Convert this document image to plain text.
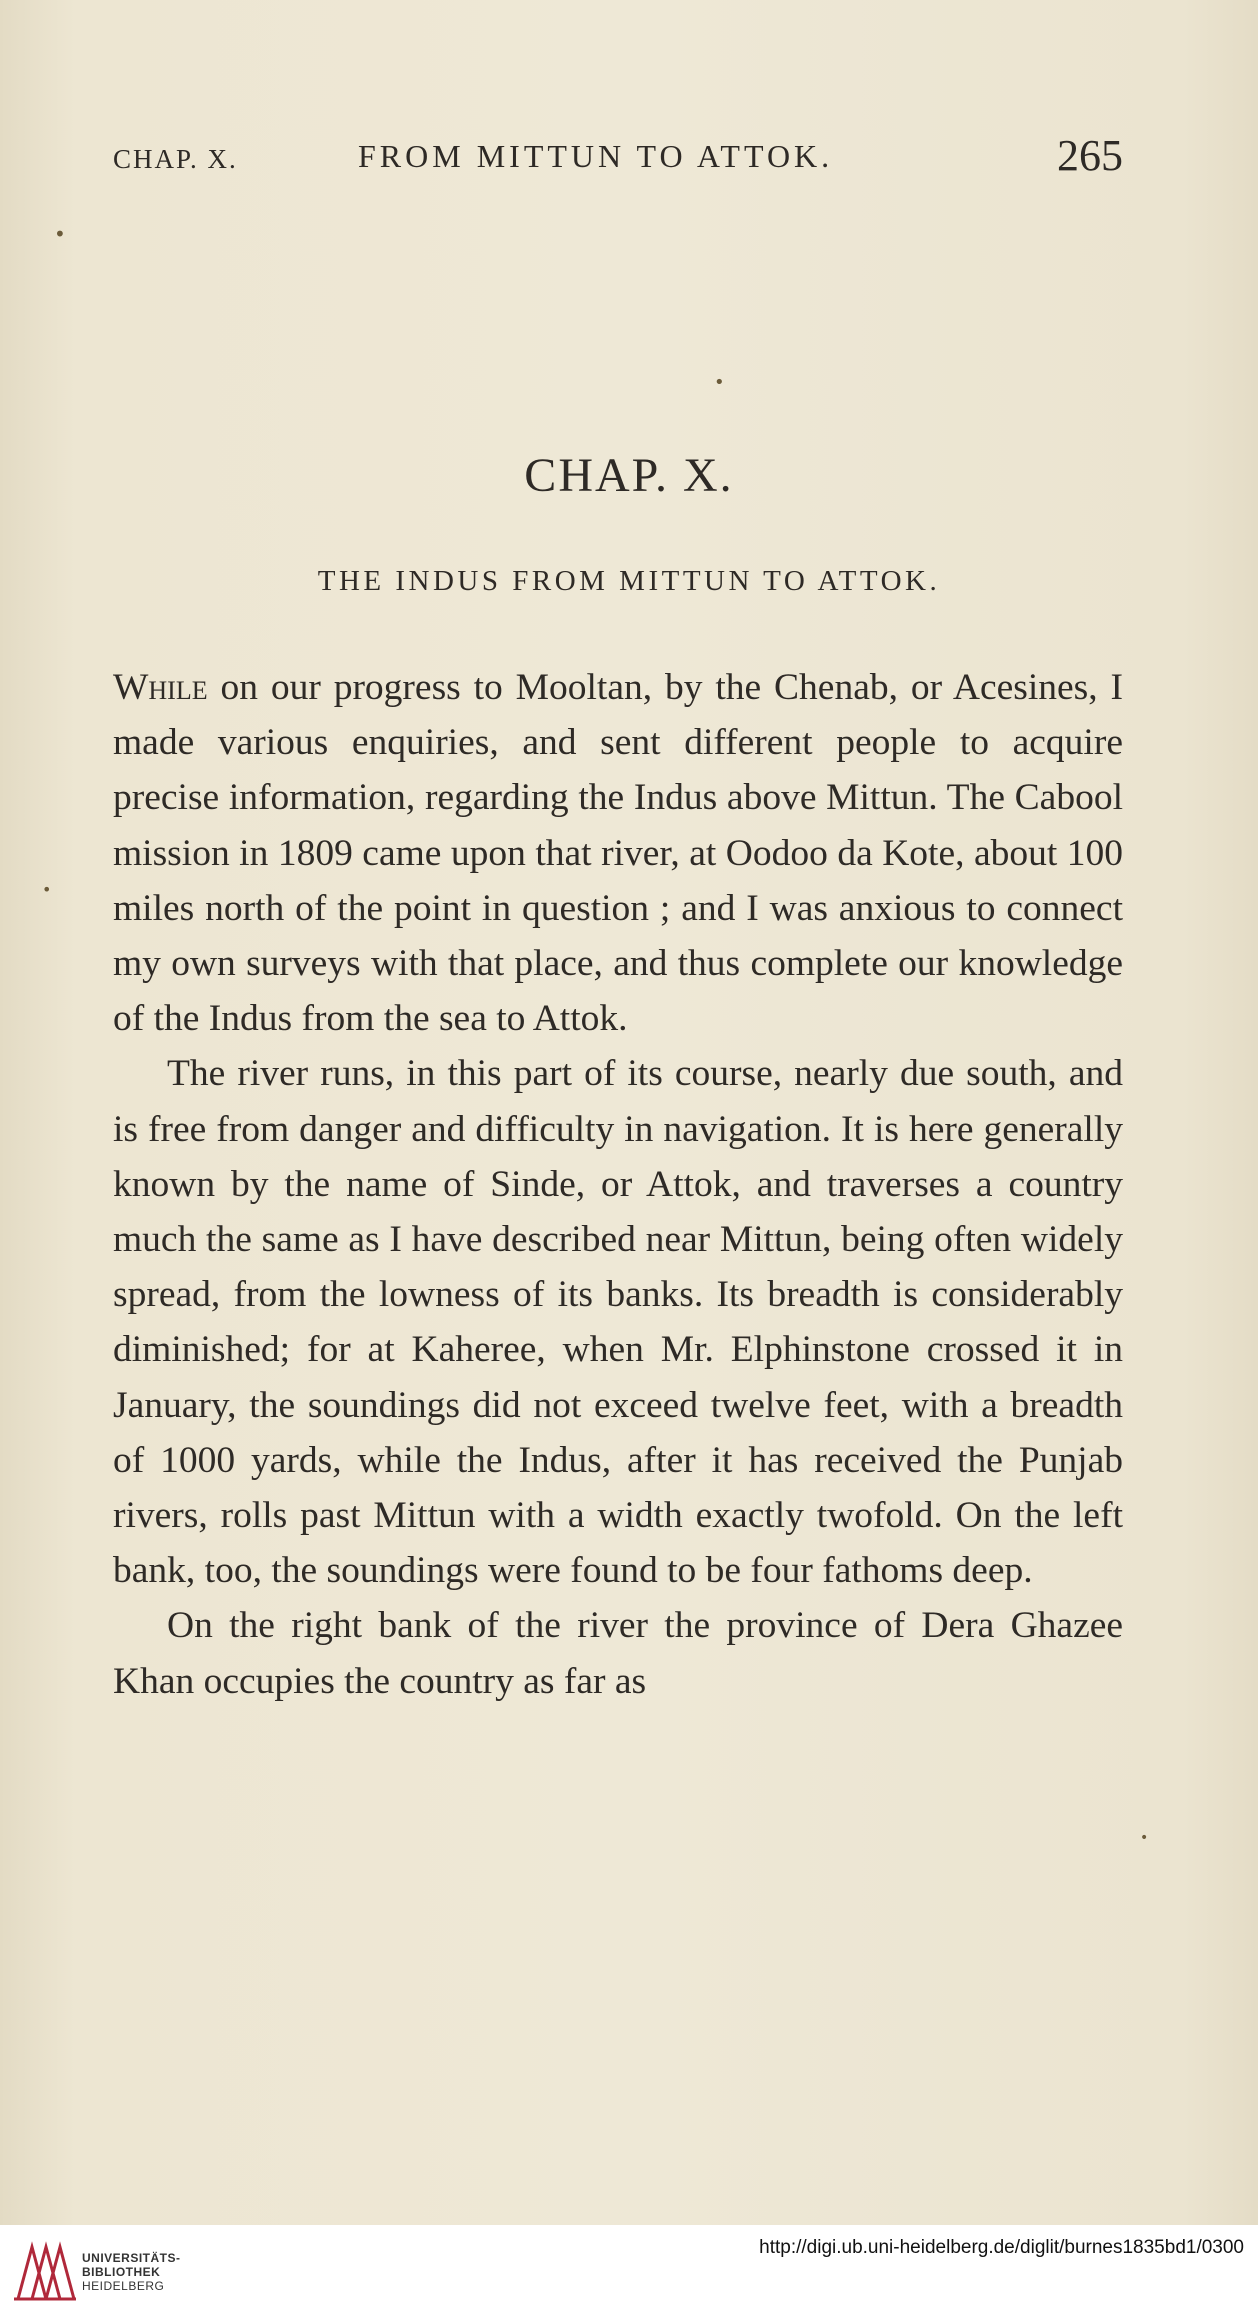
CHAP. X.	FROM MITTUN TO ATTOK.	265
•
•
•
•
CHAP. X.
THE INDUS FROM MITTUN TO ATTOK.

While on our progress to Mooltan, by the Chenab, or Acesines, I made various enquiries, and sent different people to acquire precise information, regarding the Indus above Mittun. The Cabool mission in 1809 came upon that river, at Oodoo da Kote, about 100 miles north of the point in question ; and I was anxious to connect my own surveys with that place, and thus complete our knowledge of the Indus from the sea to Attok.

The river runs, in this part of its course, nearly due south, and is free from danger and difficulty in navigation. It is here generally known by the name of Sinde, or Attok, and traverses a country much the same as I have described near Mittun, being often widely spread, from the lowness of its banks. Its breadth is considerably diminished; for at Kaheree, when Mr. Elphinstone crossed it in January, the soundings did not exceed twelve feet, with a breadth of 1000 yards, while the Indus, after it has received the Punjab rivers, rolls past Mittun with a width exactly twofold. On the left bank, too, the soundings were found to be four fathoms deep.

On the right bank of the river the province of Dera Ghazee Khan occupies the country as far as

UNIVERSITÄTS-
BIBLIOTHEK
HEIDELBERG
http://digi.ub.uni-heidelberg.de/diglit/burnes1835bd1/0300
